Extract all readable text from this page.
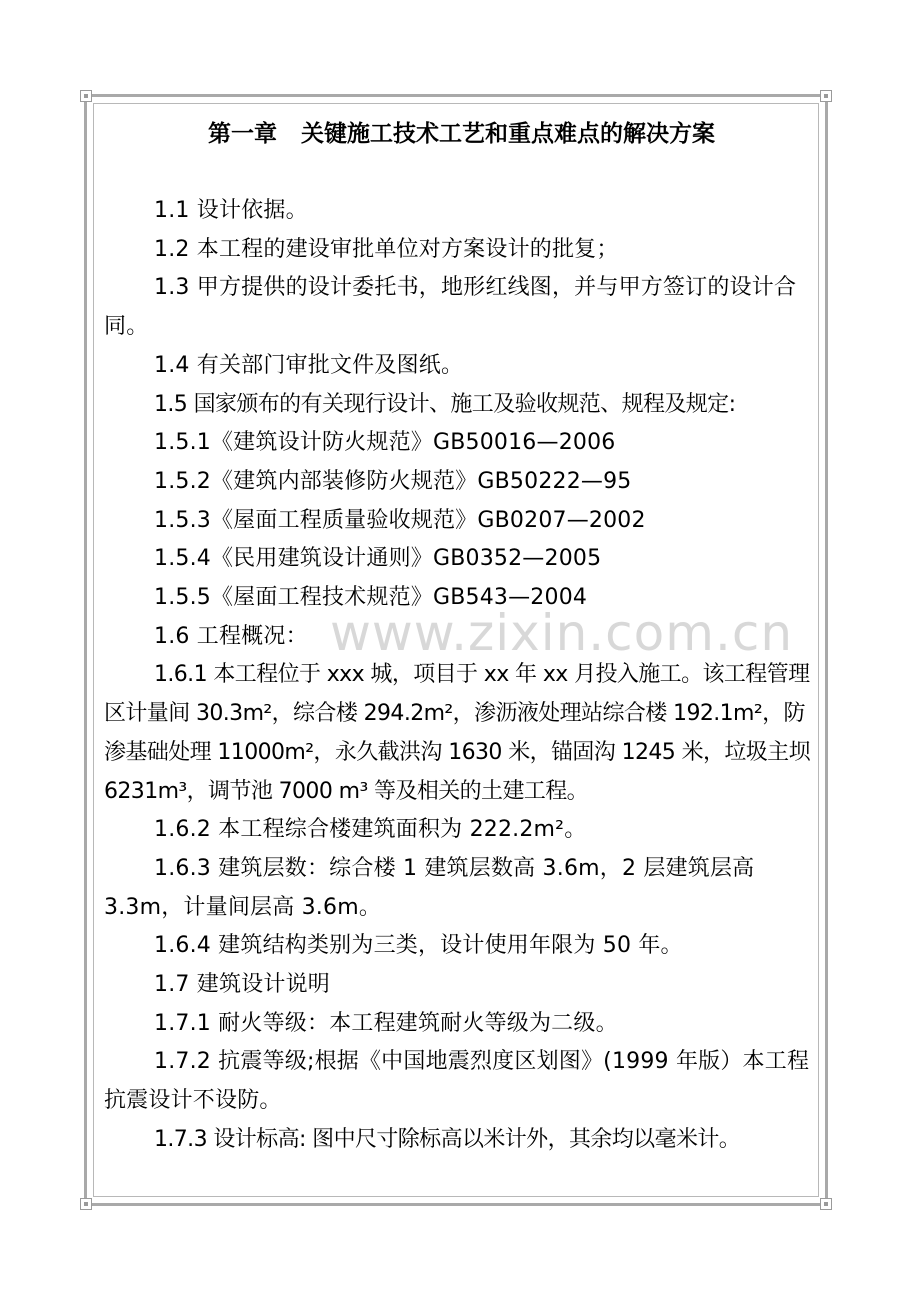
www.zixin.com.cn
第一章 关键施工技术工艺和重点难点的解决方案

1.1 设计依据。

1.2 本工程的建设审批单位对方案设计的批复；

1.3 甲方提供的设计委托书，地形红线图，并与甲方签订的设计合同。

1.4 有关部门审批文件及图纸。

1.5 国家颁布的有关现行设计、施工及验收规范、规程及规定:

1.5.1《建筑设计防火规范》GB50016—2006

1.5.2《建筑内部装修防火规范》GB50222—95

1.5.3《屋面工程质量验收规范》GB0207—2002

1.5.4《民用建筑设计通则》GB0352—2005

1.5.5《屋面工程技术规范》GB543—2004

1.6 工程概况：

1.6.1 本工程位于 xxx 城，项目于 xx 年 xx 月投入施工。该工程管理区计量间 30.3m²，综合楼 294.2m²，渗沥液处理站综合楼 192.1m²，防渗基础处理 11000m²，永久截洪沟 1630 米，锚固沟 1245 米，垃圾主坝 6231m³，调节池 7000 m³ 等及相关的土建工程。

1.6.2 本工程综合楼建筑面积为 222.2m²。

1.6.3 建筑层数：综合楼 1 建筑层数高 3.6m，2 层建筑层高 3.3m，计量间层高 3.6m。

1.6.4 建筑结构类别为三类，设计使用年限为 50 年。

1.7 建筑设计说明

1.7.1 耐火等级：本工程建筑耐火等级为二级。

1.7.2 抗震等级;根据《中国地震烈度区划图》(1999 年版）本工程抗震设计不设防。

1.7.3 设计标高: 图中尺寸除标高以米计外，其余均以毫米计。
